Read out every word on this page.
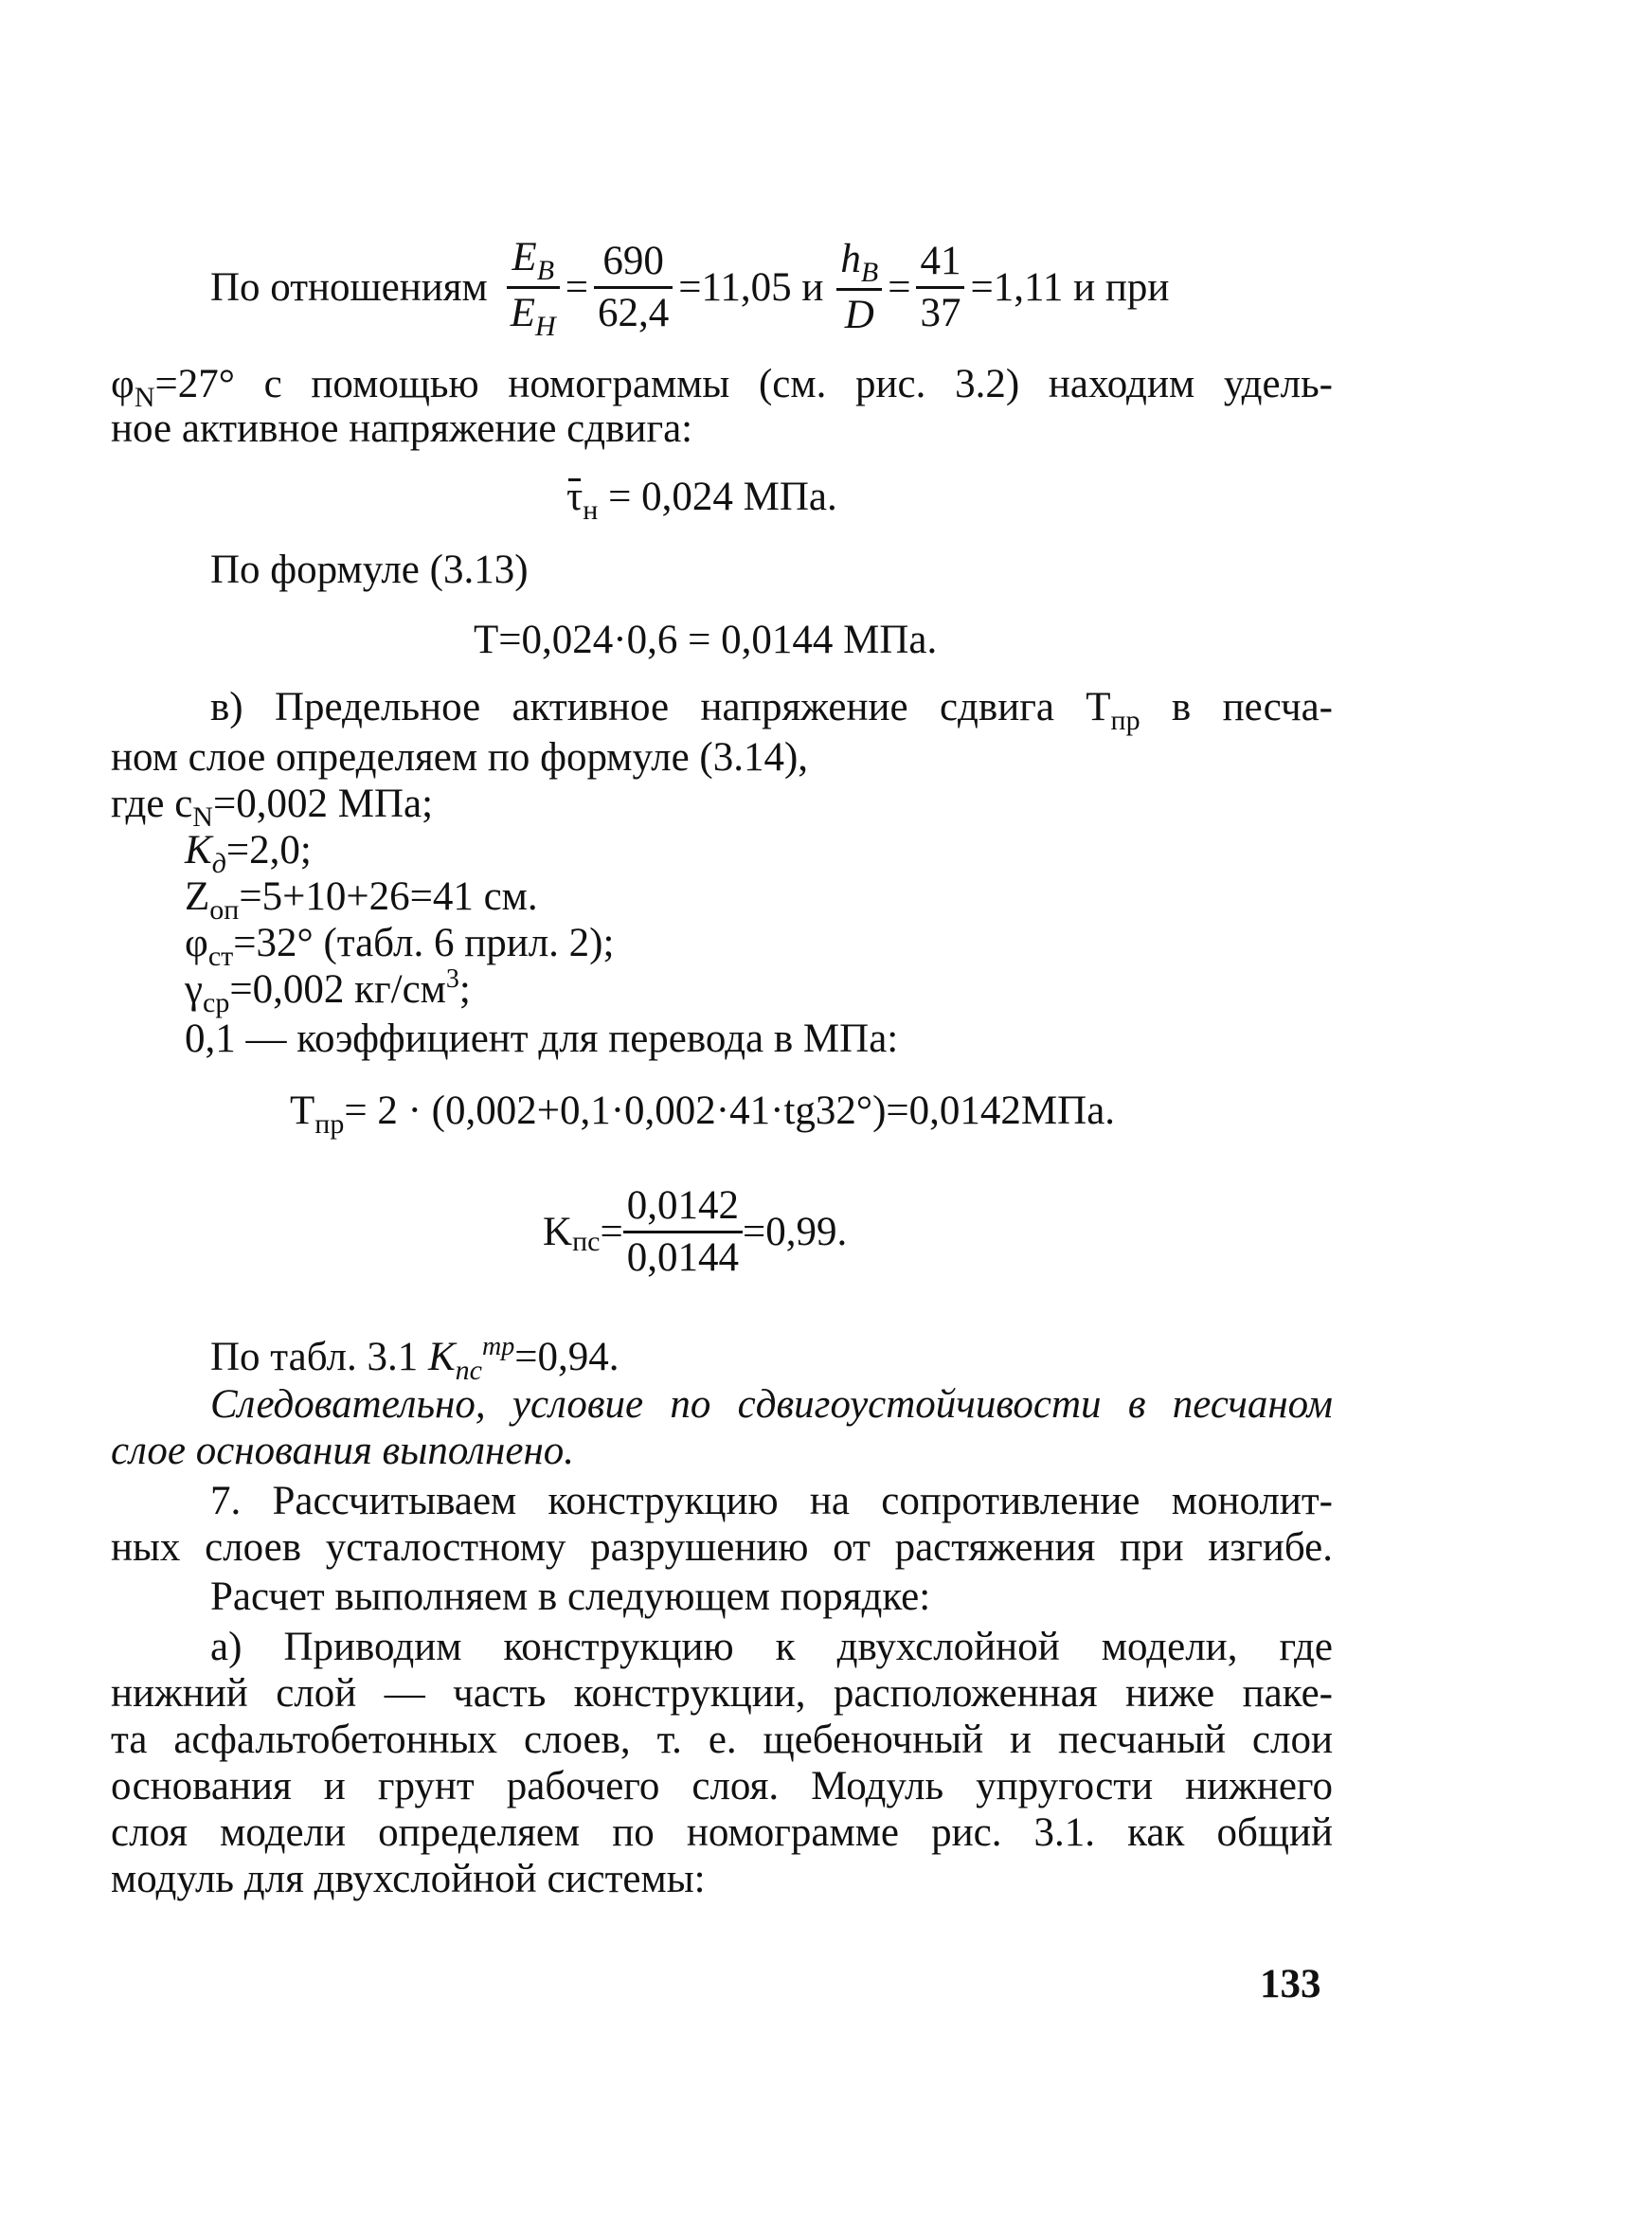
По отношениям $\frac{E_B}{E_H} = \frac{690}{62,4} =11,05$ и $\frac{h_B}{D} = \frac{41}{37} =1,11$ и при
$\varphi_N=27^\circ$ с помощью номограммы (см. рис. 3.2) находим удель-
ное активное напряжение сдвига:
$\tau_н = 0,024$ МПа.
По формуле (3.13)
T=0,024·0,6 = 0,0144 МПа.
в) Предельное активное напряжение сдвига $T_{пр}$ в песча-
ном слое определяем по формуле (3.14),
где $c_N=0,002$ МПа;
$K_д=2,0$;
$Z_{оп}=5+10+26=41$ см.
$\varphi_{ст}=32^\circ$ (табл. 6 прил. 2);
$\gamma_{ср}=0,002$ $кг/см^3$;
0,1 — коэффициент для перевода в МПа:
$T_{пр}= 2 \cdot (0,002+0,1\cdot 0,002\cdot 41\cdot tg32^\circ)=0,0142МПа$.
K пс = $\frac{0,0142}{0,0144} =0,99$.
По табл. 3.1 $K_{пс}^{тр}=0,94$.
Следовательно, условие по сдвигоустойчивости в песчаном
слое основания выполнено.
7. Рассчитываем конструкцию на сопротивление монолит-
ных слоев усталостному разрушению от растяжения при изгибе.
Расчет выполняем в следующем порядке:
а) Приводим конструкцию к двухслойной модели, где
нижний слой — часть конструкции, расположенная ниже паке-
та асфальтобетонных слоев, т. е. щебеночный и песчаный слои
основания и грунт рабочего слоя. Модуль упругости нижнего
слоя модели определяем по номограмме рис. 3.1. как общий
модуль для двухслойной системы:
133
